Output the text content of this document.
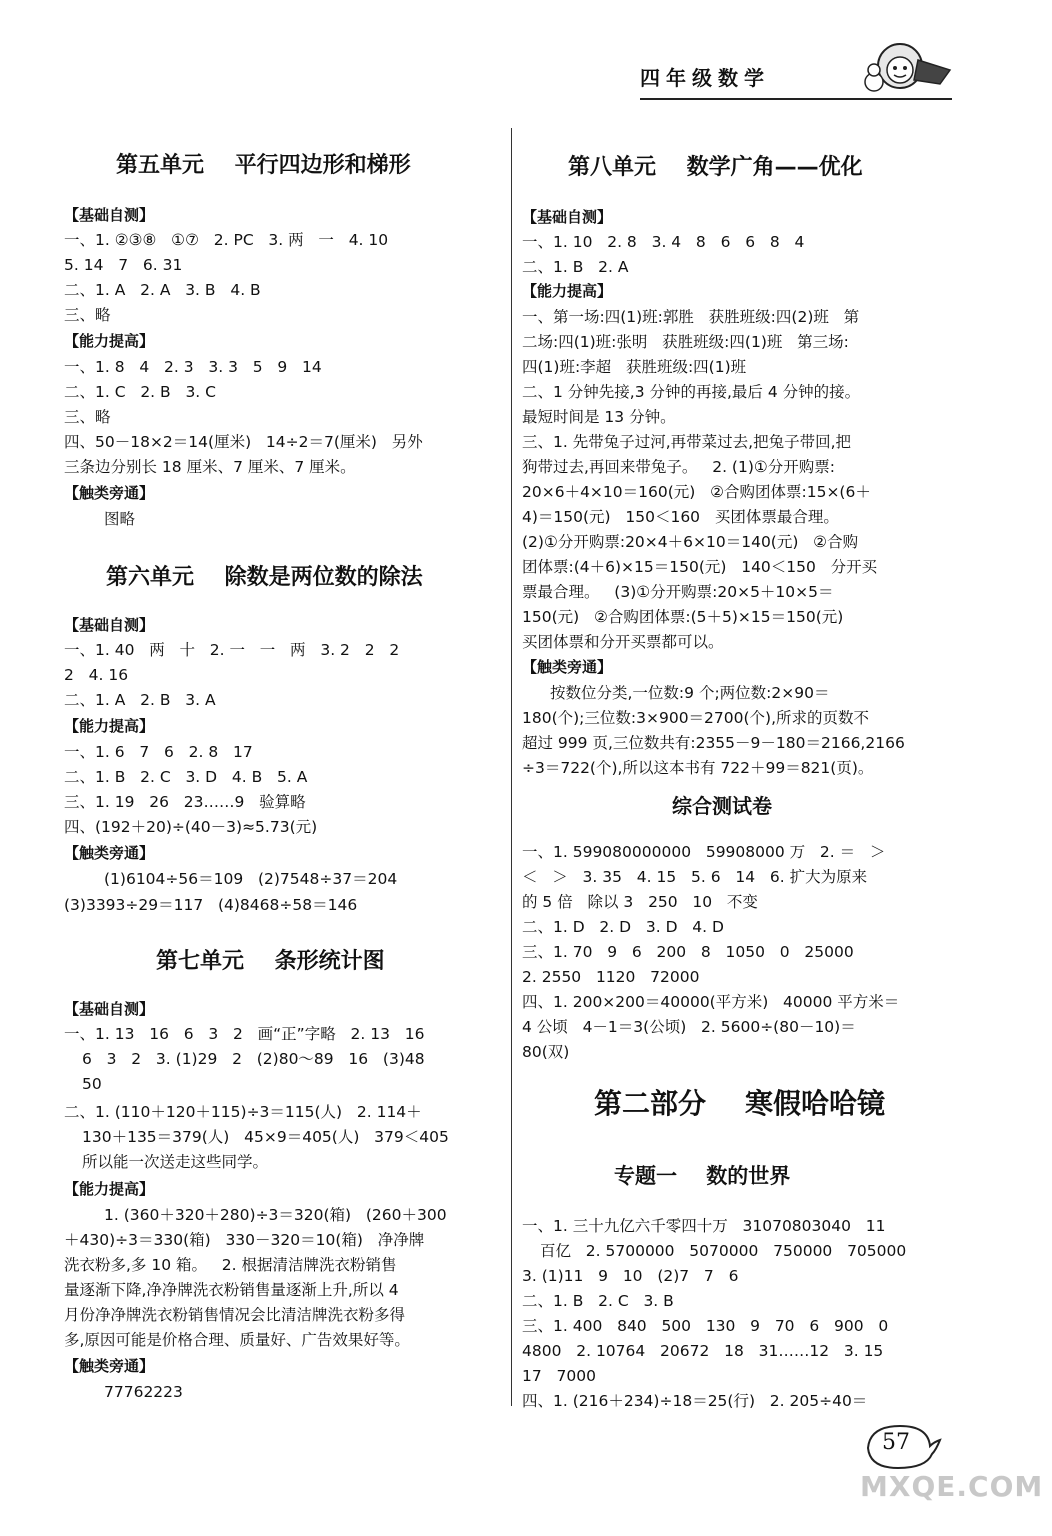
四年级数学
第五单元    平行四边形和梯形
【基础自测】
一、1. ②③⑧   ①⑦   2. PC   3. 两   一   4. 10
5. 14   7   6. 31
二、1. A   2. A   3. B   4. B
三、略
【能力提高】
一、1. 8   4   2. 3   3. 3   5   9   14
二、1. C   2. B   3. C
三、略
四、50－18×2＝14(厘米)   14÷2＝7(厘米)   另外
三条边分别长 18 厘米、7 厘米、7 厘米。
【触类旁通】
图略
第六单元    除数是两位数的除法
【基础自测】
一、1. 40   两   十   2. 一   一   两   3. 2   2   2
2   4. 16
二、1. A   2. B   3. A
【能力提高】
一、1. 6   7   6   2. 8   17
二、1. B   2. C   3. D   4. B   5. A
三、1. 19   26   23……9   验算略
四、(192＋20)÷(40－3)≈5.73(元)
【触类旁通】
(1)6104÷56＝109   (2)7548÷37＝204
(3)3393÷29＝117   (4)8468÷58＝146
第七单元    条形统计图
【基础自测】
一、1. 13   16   6   3   2   画“正”字略   2. 13   16
6   3   2   3. (1)29   2   (2)80～89   16   (3)48
50
二、1. (110＋120＋115)÷3＝115(人)   2. 114＋
130＋135＝379(人)   45×9＝405(人)   379＜405
所以能一次送走这些同学。
【能力提高】
1. (360＋320＋280)÷3＝320(箱)   (260＋300
＋430)÷3＝330(箱)   330－320＝10(箱)   净净牌
洗衣粉多,多 10 箱。   2. 根据清洁牌洗衣粉销售
量逐渐下降,净净牌洗衣粉销售量逐渐上升,所以 4
月份净净牌洗衣粉销售情况会比清洁牌洗衣粉多得
多,原因可能是价格合理、质量好、广告效果好等。
【触类旁通】
77762223
第八单元    数学广角——优化
【基础自测】
一、1. 10   2. 8   3. 4   8   6   6   8   4
二、1. B   2. A
【能力提高】
一、第一场:四(1)班:郭胜   获胜班级:四(2)班   第
二场:四(1)班:张明   获胜班级:四(1)班   第三场:
四(1)班:李超   获胜班级:四(1)班
二、1 分钟先接,3 分钟的再接,最后 4 分钟的接。
最短时间是 13 分钟。
三、1. 先带兔子过河,再带菜过去,把兔子带回,把
狗带过去,再回来带兔子。   2. (1)①分开购票:
20×6＋4×10＝160(元)   ②合购团体票:15×(6＋
4)＝150(元)   150＜160   买团体票最合理。
(2)①分开购票:20×4＋6×10＝140(元)   ②合购
团体票:(4＋6)×15＝150(元)   140＜150   分开买
票最合理。   (3)①分开购票:20×5＋10×5＝
150(元)   ②合购团体票:(5＋5)×15＝150(元)
买团体票和分开买票都可以。
【触类旁通】
按数位分类,一位数:9 个;两位数:2×90＝
180(个);三位数:3×900＝2700(个),所求的页数不
超过 999 页,三位数共有:2355－9－180＝2166,2166
÷3＝722(个),所以这本书有 722＋99＝821(页)。
综合测试卷
一、1. 599080000000   59908000 万   2. ＝   ＞
＜   ＞   3. 35   4. 15   5. 6   14   6. 扩大为原来
的 5 倍   除以 3   250   10   不变
二、1. D   2. D   3. D   4. D
三、1. 70   9   6   200   8   1050   0   25000
2. 2550   1120   72000
四、1. 200×200＝40000(平方米)   40000 平方米＝
4 公顷   4－1＝3(公顷)   2. 5600÷(80－10)＝
80(双)
第二部分    寒假哈哈镜
专题一    数的世界
一、1. 三十九亿六千零四十万   31070803040   11
百亿   2. 5700000   5070000   750000   705000
3. (1)11   9   10   (2)7   7   6
二、1. B   2. C   3. B
三、1. 400   840   500   130   9   70   6   900   0
4800   2. 10764   20672   18   31……12   3. 15
17   7000
四、1. (216＋234)÷18＝25(行)   2. 205÷40＝
57
MXQE.COM
